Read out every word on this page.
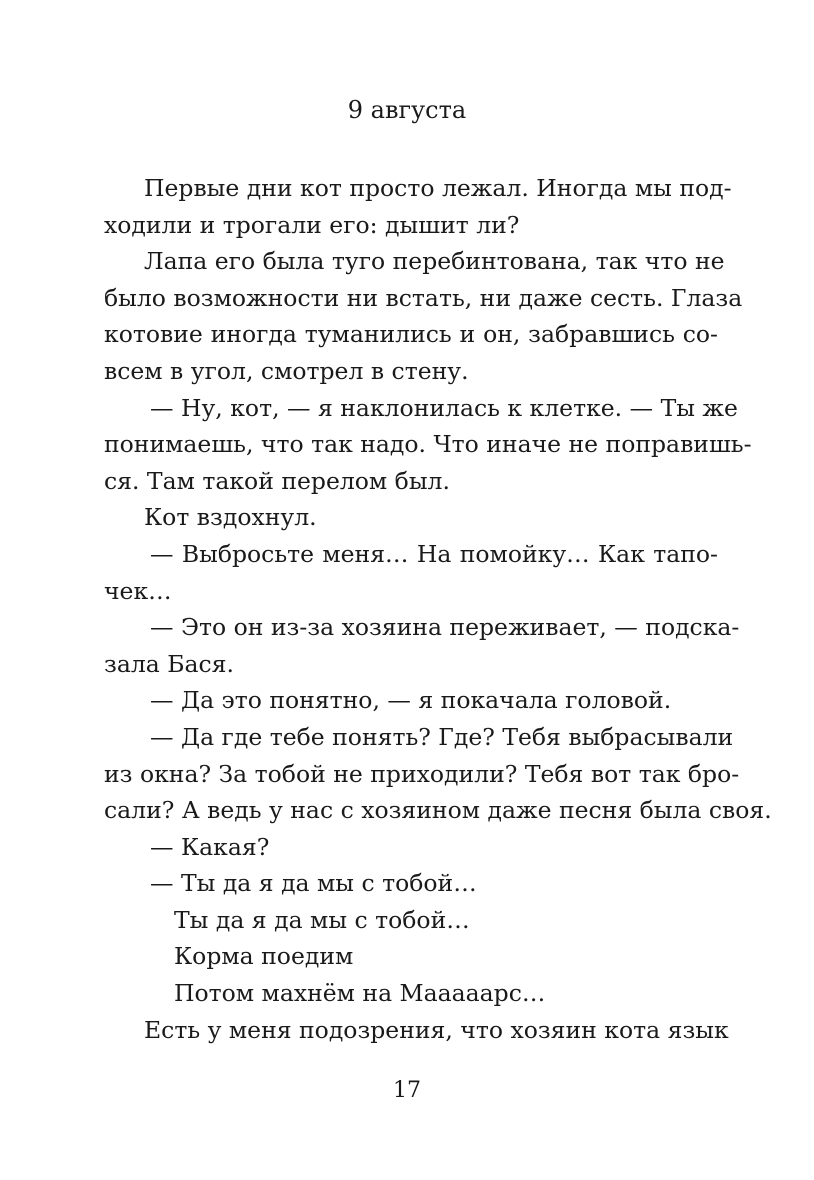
9 августа
Первые дни кот просто лежал. Иногда мы под-
ходили и трогали его: дышит ли?
Лапа его была туго перебинтована, так что не
было возможности ни встать, ни даже сесть. Глаза
котовие иногда туманились и он, забравшись со-
всем в угол, смотрел в стену.
— Ну, кот, — я наклонилась к клетке. — Ты же
понимаешь, что так надо. Что иначе не поправишь-
ся. Там такой перелом был.
Кот вздохнул.
— Выбросьте меня… На помойку… Как тапо-
чек…
— Это он из-за хозяина переживает, — подска-
зала Бася.
— Да это понятно, — я покачала головой.
— Да где тебе понять? Где? Тебя выбрасывали
из окна? За тобой не приходили? Тебя вот так бро-
сали? А ведь у нас с хозяином даже песня была своя.
— Какая?
— Ты да я да мы с тобой…
Ты да я да мы с тобой…
Корма поедим
Потом махнём на Мааааарс…
Есть у меня подозрения, что хозяин кота язык
17
